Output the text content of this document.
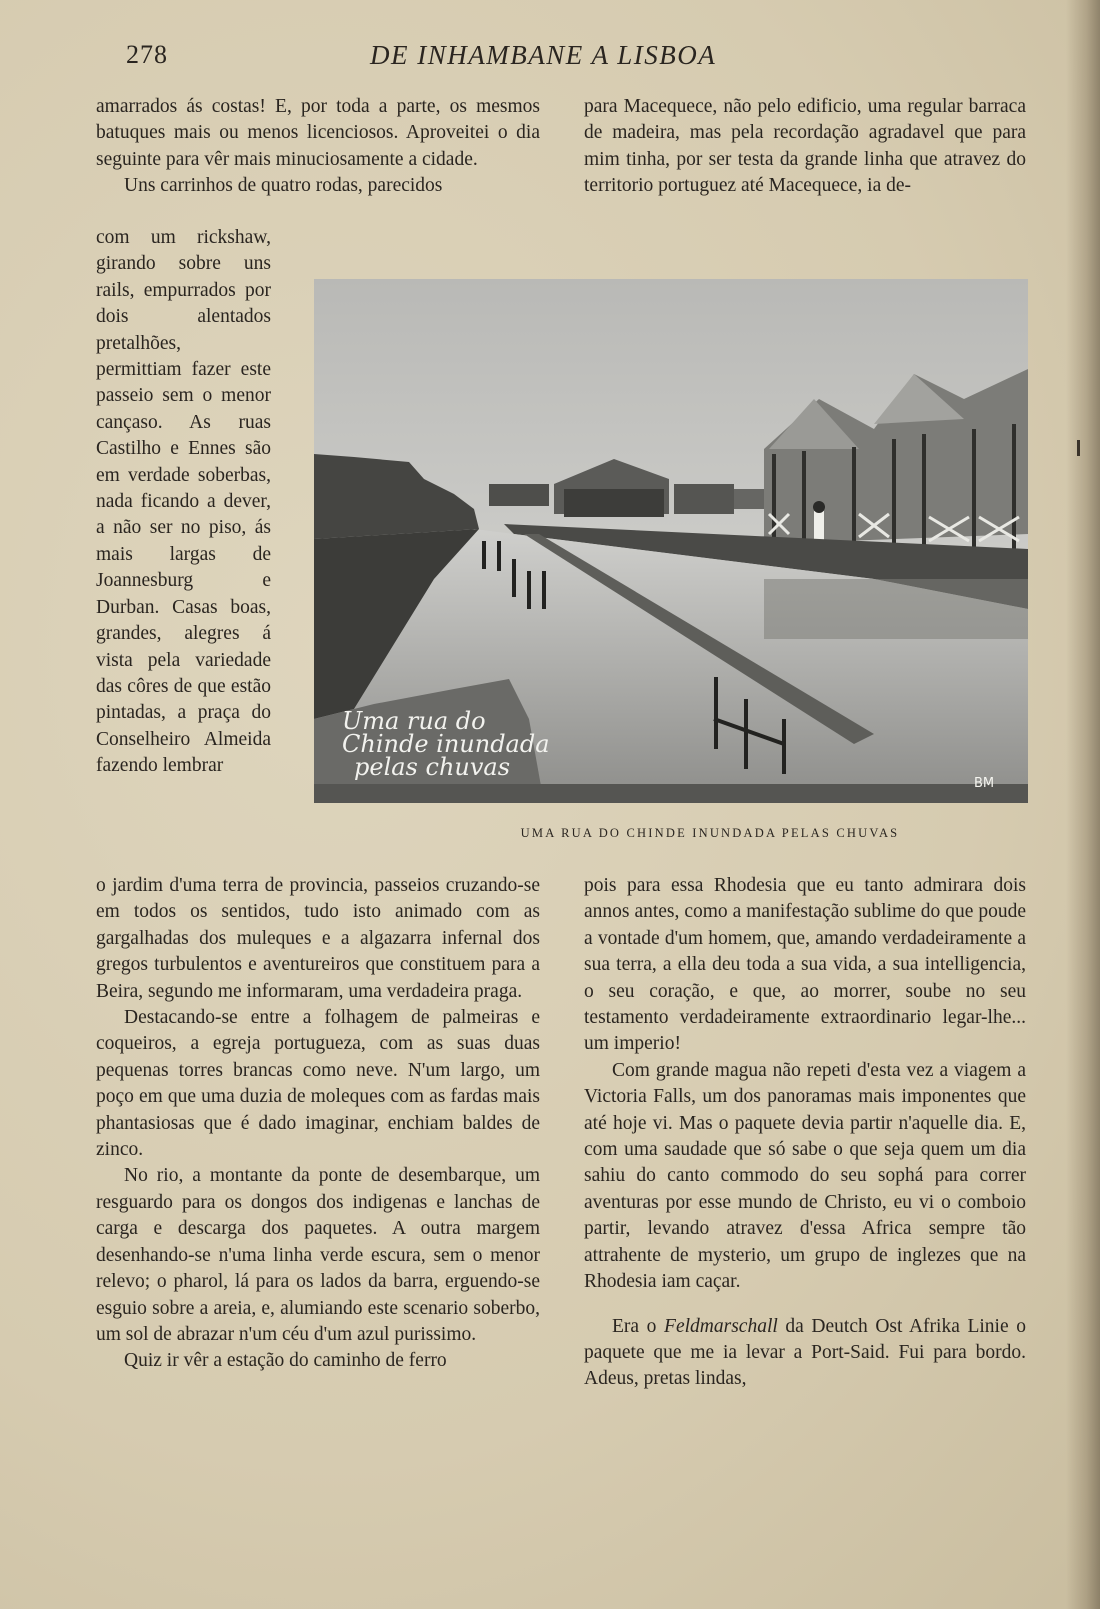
278	DE INHAMBANE A LISBOA

amarrados ás costas! E, por toda a parte, os mesmos batuques mais ou menos licenciosos. Aproveitei o dia seguinte para vêr mais minuciosamente a cidade.

Uns carrinhos de quatro rodas, parecidos

com um rickshaw, girando sobre uns rails, empurrados por dois alentados pretalhões, permittiam fazer este passeio sem o menor cançaso. As ruas Castilho e Ennes são em verdade soberbas, nada ficando a dever, a não ser no piso, ás mais largas de Joannesburg e Durban. Casas boas, grandes, alegres á vista pela variedade das côres de que estão pintadas, a praça do Conselheiro Almeida fazendo lembrar

o jardim d'uma terra de provincia, passeios cruzando-se em todos os sentidos, tudo isto animado com as gargalhadas dos muleques e a algazarra infernal dos gregos turbulentos e aventureiros que constituem para a Beira, segundo me informaram, uma verdadeira praga.

Destacando-se entre a folhagem de palmeiras e coqueiros, a egreja portugueza, com as suas duas pequenas torres brancas como neve. N'um largo, um poço em que uma duzia de moleques com as fardas mais phantasiosas que é dado imaginar, enchiam baldes de zinco.

No rio, a montante da ponte de desembarque, um resguardo para os dongos dos indigenas e lanchas de carga e descarga dos paquetes. A outra margem desenhando-se n'uma linha verde escura, sem o menor relevo; o pharol, lá para os lados da barra, erguendo-se esguio sobre a areia, e, alumiando este scenario soberbo, um sol de abrazar n'um céu d'um azul purissimo.

Quiz ir vêr a estação do caminho de ferro

para Macequece, não pelo edificio, uma regular barraca de madeira, mas pela recordação agradavel que para mim tinha, por ser testa da grande linha que atravez do territorio portuguez até Macequece, ia de-

pois para essa Rhodesia que eu tanto admirara dois annos antes, como a manifestação sublime do que poude a vontade d'um homem, que, amando verdadeiramente a sua terra, a ella deu toda a sua vida, a sua intelligencia, o seu coração, e que, ao morrer, soube no seu testamento verdadeiramente extraordinario legar-lhe... um imperio!

Com grande magua não repeti d'esta vez a viagem a Victoria Falls, um dos panoramas mais imponentes que até hoje vi. Mas o paquete devia partir n'aquelle dia. E, com uma saudade que só sabe o que seja quem um dia sahiu do canto commodo do seu sophá para correr aventuras por esse mundo de Christo, eu vi o comboio partir, levando atravez d'essa Africa sempre tão attrahente de mysterio, um grupo de inglezes que na Rhodesia iam caçar.

Era o Feldmarschall da Deutch Ost Afrika Linie o paquete que me ia levar a Port-Said. Fui para bordo. Adeus, pretas lindas,

Uma rua do
Chinde inundada
pelas chuvas
BM
UMA RUA DO CHINDE INUNDADA PELAS CHUVAS
